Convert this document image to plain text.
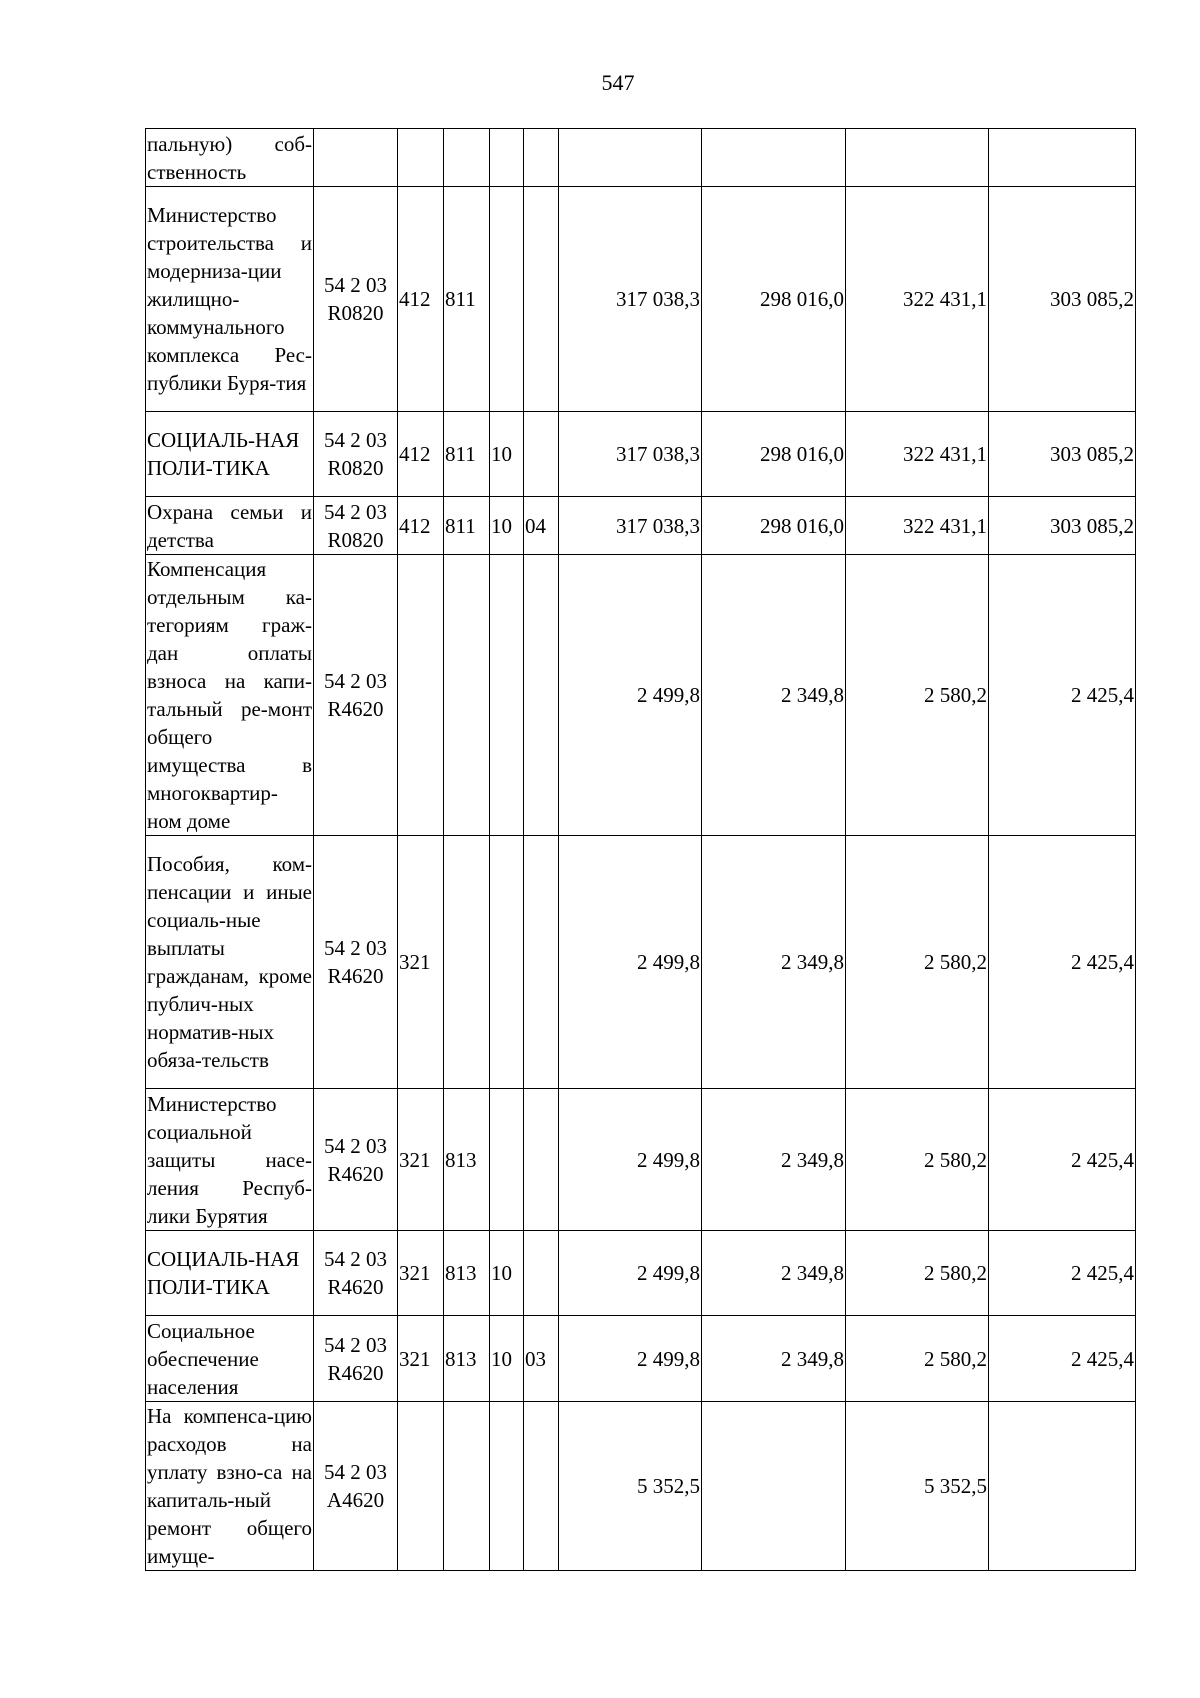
547
пальную) соб-ственность									
Министерство строительства и модерниза-ции жилищно-коммунального комплекса Рес-публики Буря-тия	54 2 03 R0820	412	811			317 038,3	298 016,0	322 431,1	303 085,2
СОЦИАЛЬ-НАЯ ПОЛИ-ТИКА	54 2 03 R0820	412	811	10		317 038,3	298 016,0	322 431,1	303 085,2
Охрана семьи и детства	54 2 03 R0820	412	811	10	04	317 038,3	298 016,0	322 431,1	303 085,2
Компенсация отдельным ка-тегориям граж-дан оплаты взноса на капи-тальный ре-монт общего имущества в многоквартир-ном доме	54 2 03 R4620					2 499,8	2 349,8	2 580,2	2 425,4
Пособия, ком-пенсации и иные социаль-ные выплаты гражданам, кроме публич-ных норматив-ных обяза-тельств	54 2 03 R4620	321				2 499,8	2 349,8	2 580,2	2 425,4
Министерство социальной защиты насе-ления Респуб-лики Бурятия	54 2 03 R4620	321	813			2 499,8	2 349,8	2 580,2	2 425,4
СОЦИАЛЬ-НАЯ ПОЛИ-ТИКА	54 2 03 R4620	321	813	10		2 499,8	2 349,8	2 580,2	2 425,4
Социальное обеспечение населения	54 2 03 R4620	321	813	10	03	2 499,8	2 349,8	2 580,2	2 425,4
На компенса-цию расходов на уплату взно-са на капиталь-ный ремонт общего имуще-	54 2 03 A4620					5 352,5		5 352,5	
